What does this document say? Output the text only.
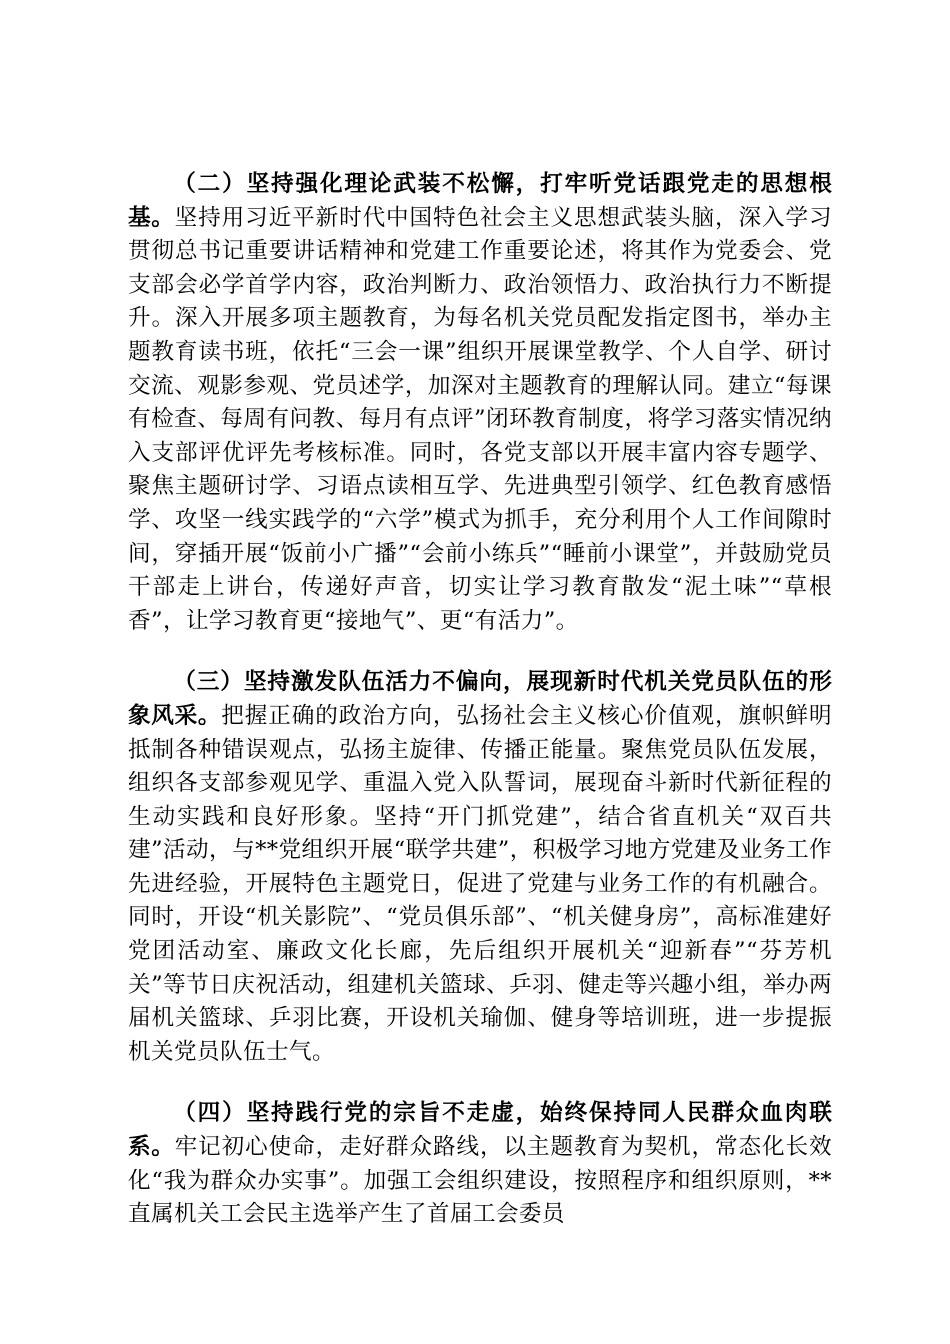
（二）坚持强化理论武装不松懈，打牢听党话跟党走的思想根基。坚持用习近平新时代中国特色社会主义思想武装头脑，深入学习贯彻总书记重要讲话精神和党建工作重要论述，将其作为党委会、党支部会必学首学内容，政治判断力、政治领悟力、政治执行力不断提升。深入开展多项主题教育，为每名机关党员配发指定图书，举办主题教育读书班，依托“三会一课”组织开展课堂教学、个人自学、研讨交流、观影参观、党员述学，加深对主题教育的理解认同。建立“每课有检查、每周有问教、每月有点评”闭环教育制度，将学习落实情况纳入支部评优评先考核标准。同时，各党支部以开展丰富内容专题学、聚焦主题研讨学、习语点读相互学、先进典型引领学、红色教育感悟学、攻坚一线实践学的“六学”模式为抓手，充分利用个人工作间隙时间，穿插开展“饭前小广播”“会前小练兵”“睡前小课堂”，并鼓励党员干部走上讲台，传递好声音，切实让学习教育散发“泥土味”“草根香”，让学习教育更“接地气”、更“有活力”。

（三）坚持激发队伍活力不偏向，展现新时代机关党员队伍的形象风采。把握正确的政治方向，弘扬社会主义核心价值观，旗帜鲜明抵制各种错误观点，弘扬主旋律、传播正能量。聚焦党员队伍发展，组织各支部参观见学、重温入党入队誓词，展现奋斗新时代新征程的生动实践和良好形象。坚持“开门抓党建”，结合省直机关“双百共建”活动，与**党组织开展“联学共建”，积极学习地方党建及业务工作先进经验，开展特色主题党日，促进了党建与业务工作的有机融合。同时，开设“机关影院”、“党员俱乐部”、“机关健身房”，高标准建好党团活动室、廉政文化长廊，先后组织开展机关“迎新春”“芬芳机关”等节日庆祝活动，组建机关篮球、乒羽、健走等兴趣小组，举办两届机关篮球、乒羽比赛，开设机关瑜伽、健身等培训班，进一步提振机关党员队伍士气。

（四）坚持践行党的宗旨不走虚，始终保持同人民群众血肉联系。牢记初心使命，走好群众路线，以主题教育为契机，常态化长效化“我为群众办实事”。加强工会组织建设，按照程序和组织原则，**直属机关工会民主选举产生了首届工会委员
